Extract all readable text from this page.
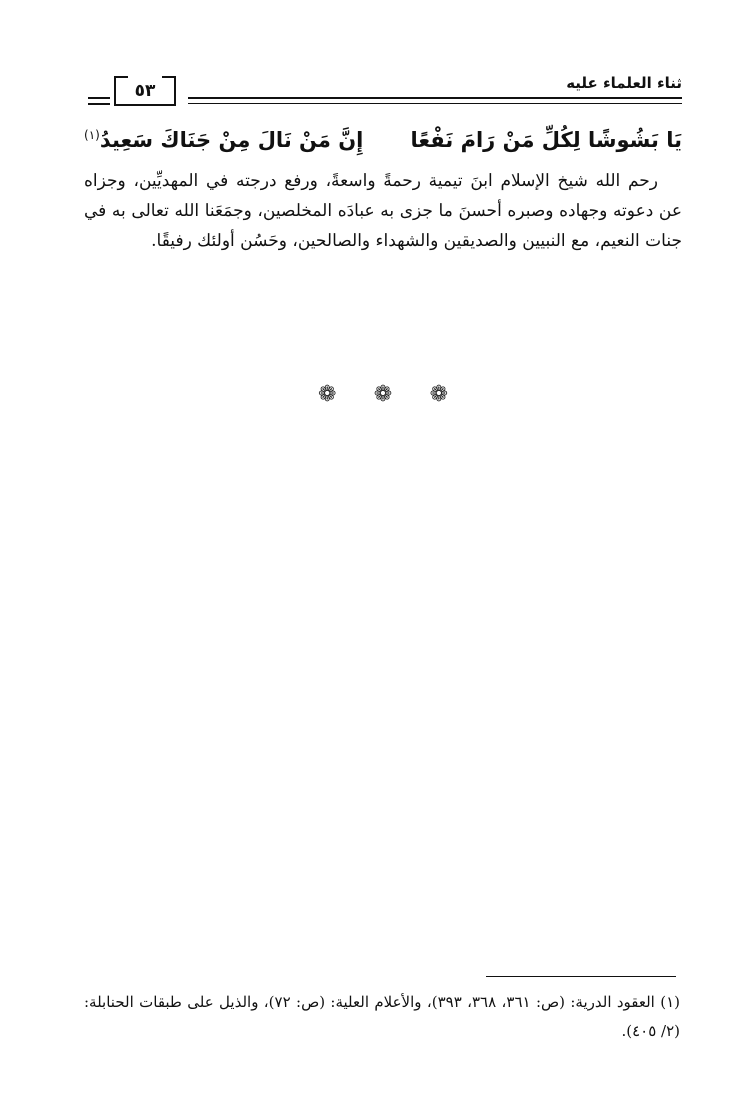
ثناء العلماء عليه
٥٣
يَا بَشُوشًا لِكُلِّ مَنْ رَامَ نَفْعًا
إِنَّ مَنْ نَالَ مِنْ جَنَاكَ سَعِيدُ$^{(١)}$
رحم الله شيخ الإسلام ابنَ تيمية رحمةً واسعةً، ورفع درجته في المهديِّين، وجزاه عن دعوته وجهاده وصبره أحسنَ ما جزى به عبادَه المخلصين، وجمَعَنا الله تعالى به في جنات النعيم، مع النبيين والصديقين والشهداء والصالحين، وحَسُن أولئك رفيقًا.
❁ ❁ ❁
(١) العقود الدرية: (ص: ٣٦١، ٣٦٨، ٣٩٣)، والأعلام العلية: (ص: ٧٢)، والذيل على طبقات الحنابلة: (٢/ ٤٠٥).
